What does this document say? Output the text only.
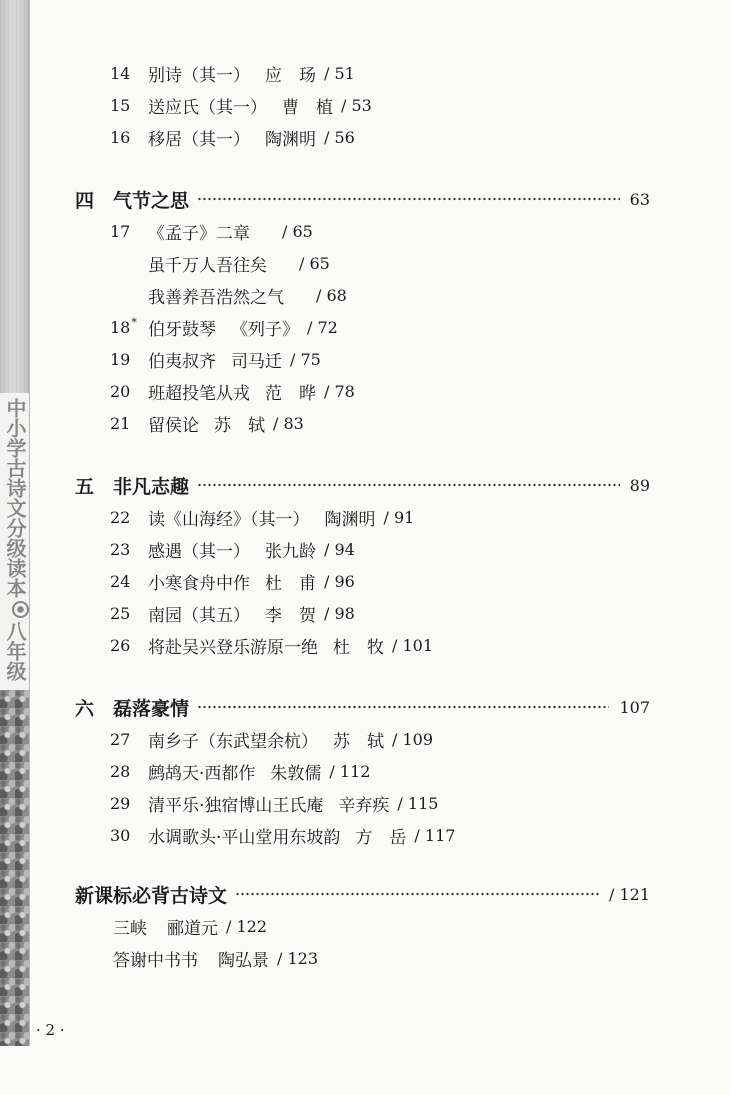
中小学古诗文分级读本八年级
14	别诗（其一） 应　玚 / 51
15	送应氏（其一） 曹　植 / 53
16	移居（其一） 陶渊明 / 56
四 气节之思	63
17	《孟子》二章 / 65
虽千万人吾往矣 / 65
我善养吾浩然之气 / 68
18* 伯牙鼓琴 《列子》 / 72
19	伯夷叔齐 司马迁 / 75
20	班超投笔从戎 范　晔 / 78
21	留侯论 苏　轼 / 83
五 非凡志趣	89
22	读《山海经》（其一） 陶渊明 / 91
23	感遇（其一） 张九龄 / 94
24	小寒食舟中作 杜　甫 / 96
25	南园（其五） 李　贺 / 98
26	将赴吴兴登乐游原一绝 杜　牧 / 101
六 磊落豪情	107
27	南乡子（东武望余杭） 苏　轼 / 109
28	鹧鸪天·西都作 朱敦儒 / 112
29	清平乐·独宿博山王氏庵 辛弃疾 / 115
30	水调歌头·平山堂用东坡韵 方　岳 / 117
新课标必背古诗文	/ 121
三峡 郦道元 / 122
答谢中书书 陶弘景 / 123
· 2 ·
